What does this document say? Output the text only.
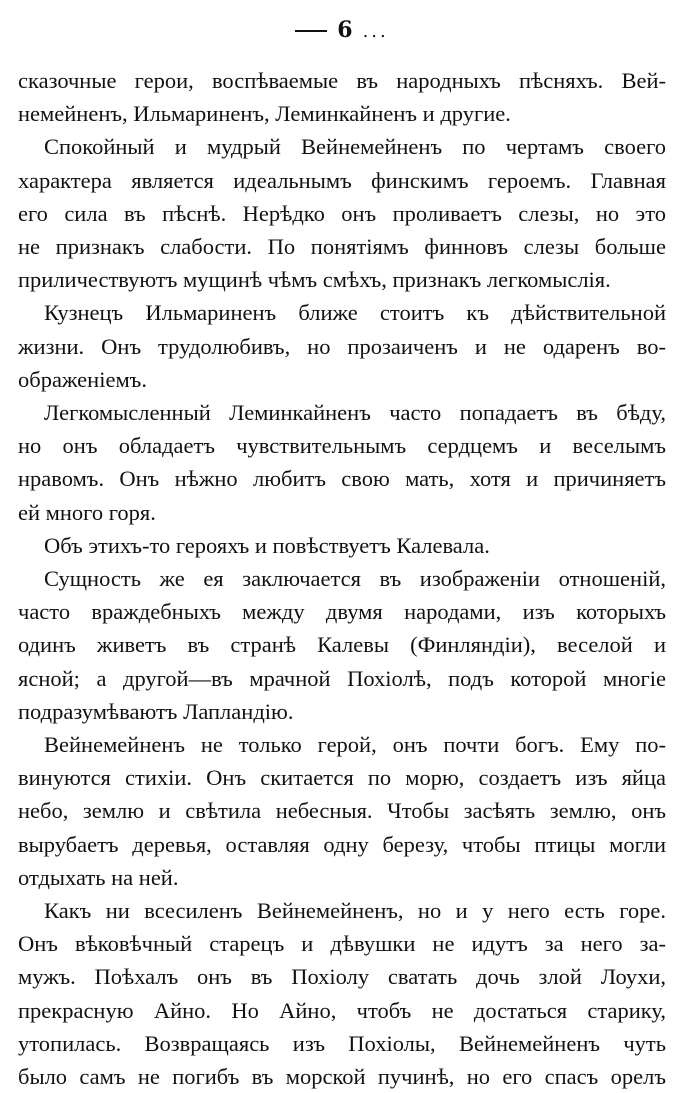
6 ...
сказочные герои, воспѣваемые въ народныхъ пѣсняхъ. Вей-
немейненъ, Ильмариненъ, Леминкайненъ и другие.
Спокойный и мудрый Вейнемейненъ по чертамъ своего
характера является идеальнымъ финскимъ героемъ. Главная
его сила въ пѣснѣ. Нерѣдко онъ проливаетъ слезы, но это
не признакъ слабости. По понятіямъ финновъ слезы больше
приличествуютъ мущинѣ чѣмъ смѣхъ, признакъ легкомыслія.
Кузнецъ Ильмариненъ ближе стоитъ къ дѣйствительной
жизни. Онъ трудолюбивъ, но прозаиченъ и не одаренъ во-
ображеніемъ.
Легкомысленный Леминкайненъ часто попадаетъ въ бѣду,
но онъ обладаетъ чувствительнымъ сердцемъ и веселымъ
нравомъ. Онъ нѣжно любитъ свою мать, хотя и причиняетъ
ей много горя.
Объ этихъ-то герояхъ и повѣствуетъ Калевала.
Сущность же ея заключается въ изображеніи отношеній,
часто враждебныхъ между двумя народами, изъ которыхъ
одинъ живетъ въ странѣ Калевы (Финляндіи), веселой и
ясной; а другой—въ мрачной Похіолѣ, подъ которой многіе
подразумѣваютъ Лапландію.
Вейнемейненъ не только герой, онъ почти богъ. Ему по-
винуются стихіи. Онъ скитается по морю, создаетъ изъ яйца
небо, землю и свѣтила небесныя. Чтобы засѣять землю, онъ
вырубаетъ деревья, оставляя одну березу, чтобы птицы могли
отдыхать на ней.
Какъ ни всесиленъ Вейнемейненъ, но и у него есть горе.
Онъ вѣковѣчный старецъ и дѣвушки не идутъ за него за-
мужъ. Поѣхалъ онъ въ Похіолу сватать дочь злой Лоухи,
прекрасную Айно. Но Айно, чтобъ не достаться старику,
утопилась. Возвращаясь изъ Похіолы, Вейнемейненъ чуть
было самъ не погибъ въ морской пучинѣ, но его спасъ орелъ
